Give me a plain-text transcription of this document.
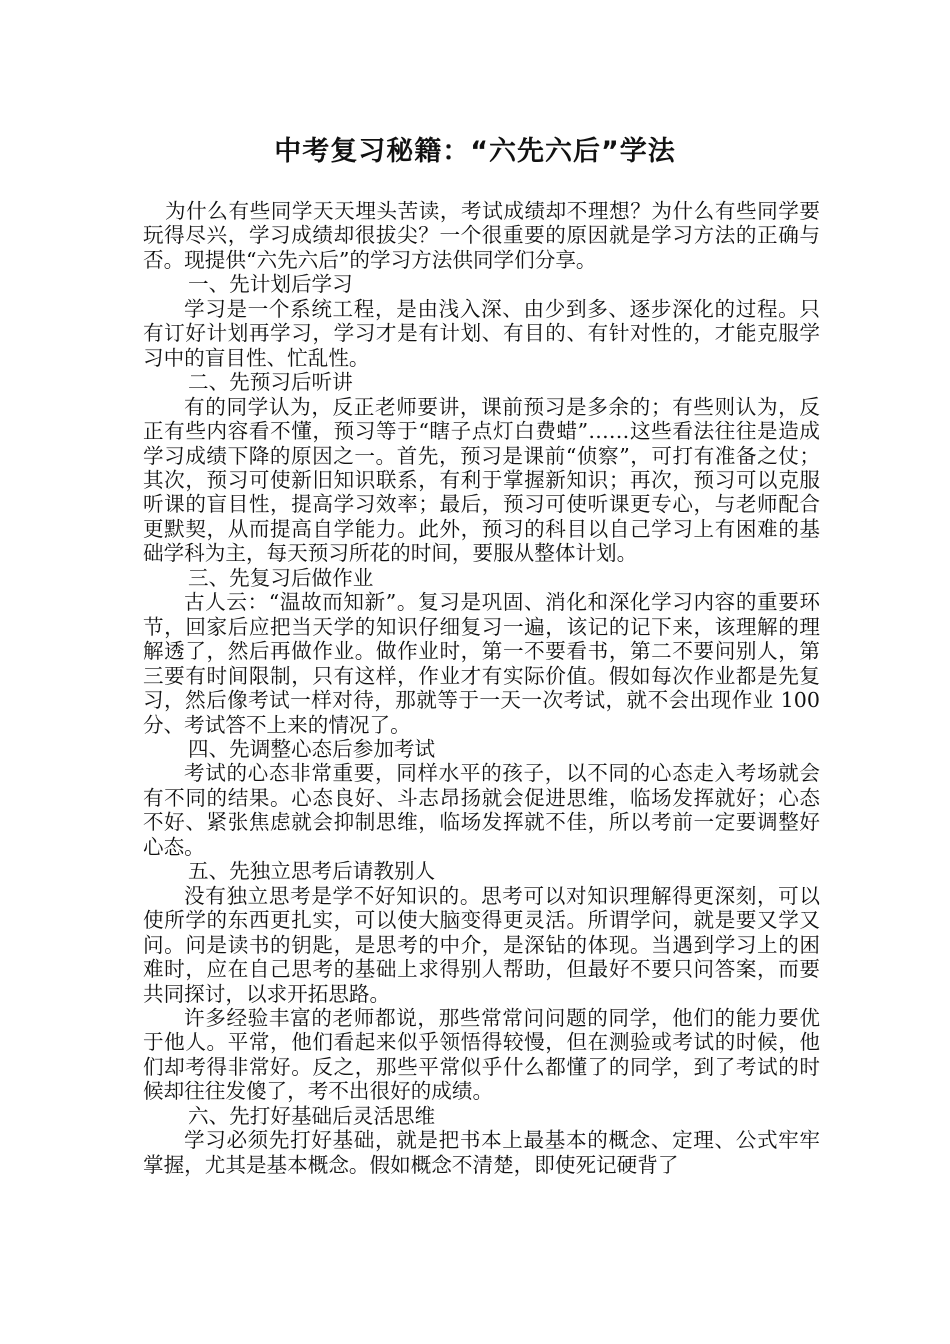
中考复习秘籍：“六先六后”学法

为什么有些同学天天埋头苦读，考试成绩却不理想？为什么有些同学要玩得尽兴，学习成绩却很拔尖？一个很重要的原因就是学习方法的正确与否。现提供“六先六后”的学习方法供同学们分享。

一、先计划后学习

学习是一个系统工程，是由浅入深、由少到多、逐步深化的过程。只有订好计划再学习，学习才是有计划、有目的、有针对性的，才能克服学习中的盲目性、忙乱性。

二、先预习后听讲

有的同学认为，反正老师要讲，课前预习是多余的；有些则认为，反正有些内容看不懂，预习等于“瞎子点灯白费蜡”……这些看法往往是造成学习成绩下降的原因之一。首先，预习是课前“侦察”，可打有准备之仗；其次，预习可使新旧知识联系，有利于掌握新知识；再次，预习可以克服听课的盲目性，提高学习效率；最后，预习可使听课更专心，与老师配合更默契，从而提高自学能力。此外，预习的科目以自己学习上有困难的基础学科为主，每天预习所花的时间，要服从整体计划。

三、先复习后做作业

古人云：“温故而知新”。复习是巩固、消化和深化学习内容的重要环节，回家后应把当天学的知识仔细复习一遍，该记的记下来，该理解的理解透了，然后再做作业。做作业时，第一不要看书，第二不要问别人，第三要有时间限制，只有这样，作业才有实际价值。假如每次作业都是先复习，然后像考试一样对待，那就等于一天一次考试，就不会出现作业 100 分、考试答不上来的情况了。

四、先调整心态后参加考试

考试的心态非常重要，同样水平的孩子，以不同的心态走入考场就会有不同的结果。心态良好、斗志昂扬就会促进思维，临场发挥就好；心态不好、紧张焦虑就会抑制思维，临场发挥就不佳，所以考前一定要调整好心态。

五、先独立思考后请教别人

没有独立思考是学不好知识的。思考可以对知识理解得更深刻，可以使所学的东西更扎实，可以使大脑变得更灵活。所谓学问，就是要又学又问。问是读书的钥匙，是思考的中介，是深钻的体现。当遇到学习上的困难时，应在自己思考的基础上求得别人帮助，但最好不要只问答案，而要共同探讨，以求开拓思路。

许多经验丰富的老师都说，那些常常问问题的同学，他们的能力要优于他人。平常，他们看起来似乎领悟得较慢，但在测验或考试的时候，他们却考得非常好。反之，那些平常似乎什么都懂了的同学，到了考试的时候却往往发傻了，考不出很好的成绩。

六、先打好基础后灵活思维

学习必须先打好基础，就是把书本上最基本的概念、定理、公式牢牢掌握，尤其是基本概念。假如概念不清楚，即使死记硬背了
